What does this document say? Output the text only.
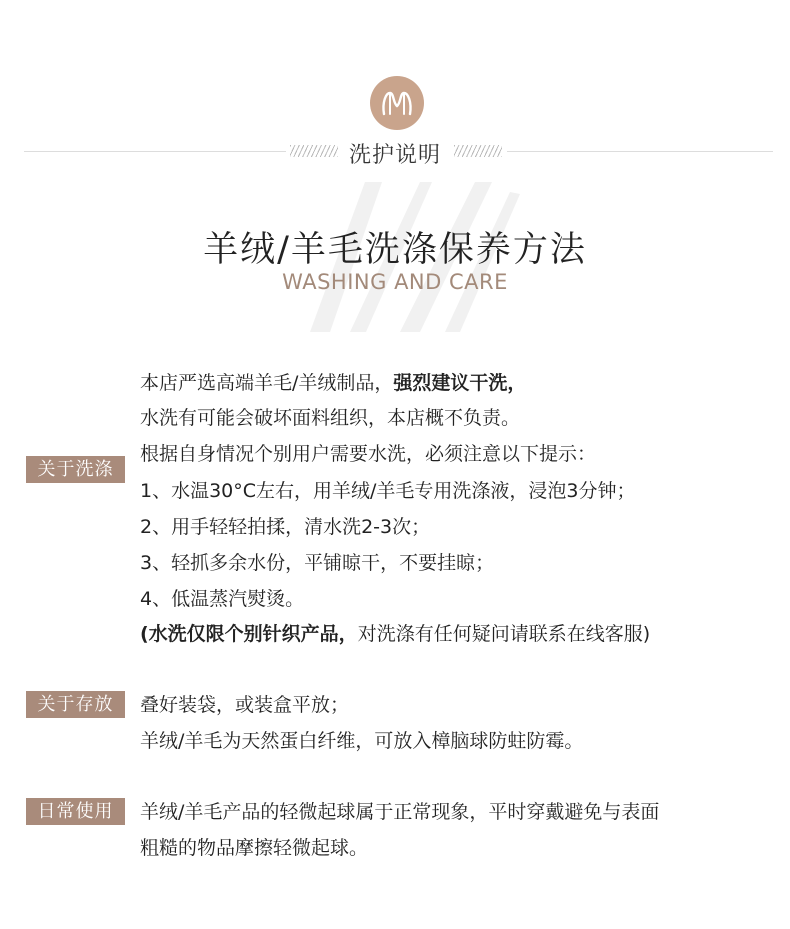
洗护说明
羊绒/羊毛洗涤保养方法
WASHING AND CARE
关于洗涤
本店严选高端羊毛/羊绒制品，强烈建议干洗，
水洗有可能会破坏面料组织，本店概不负责。
根据自身情况个别用户需要水洗，必须注意以下提示：
1、水温30°C左右，用羊绒/羊毛专用洗涤液，浸泡3分钟；
2、用手轻轻拍揉，清水洗2-3次；
3、轻抓多余水份，平铺晾干，不要挂晾；
4、低温蒸汽熨烫。
(水洗仅限个别针织产品，对洗涤有任何疑问请联系在线客服)
关于存放	叠好装袋，或装盒平放；
羊绒/羊毛为天然蛋白纤维，可放入樟脑球防蛀防霉。
日常使用	羊绒/羊毛产品的轻微起球属于正常现象，平时穿戴避免与表面
粗糙的物品摩擦轻微起球。
